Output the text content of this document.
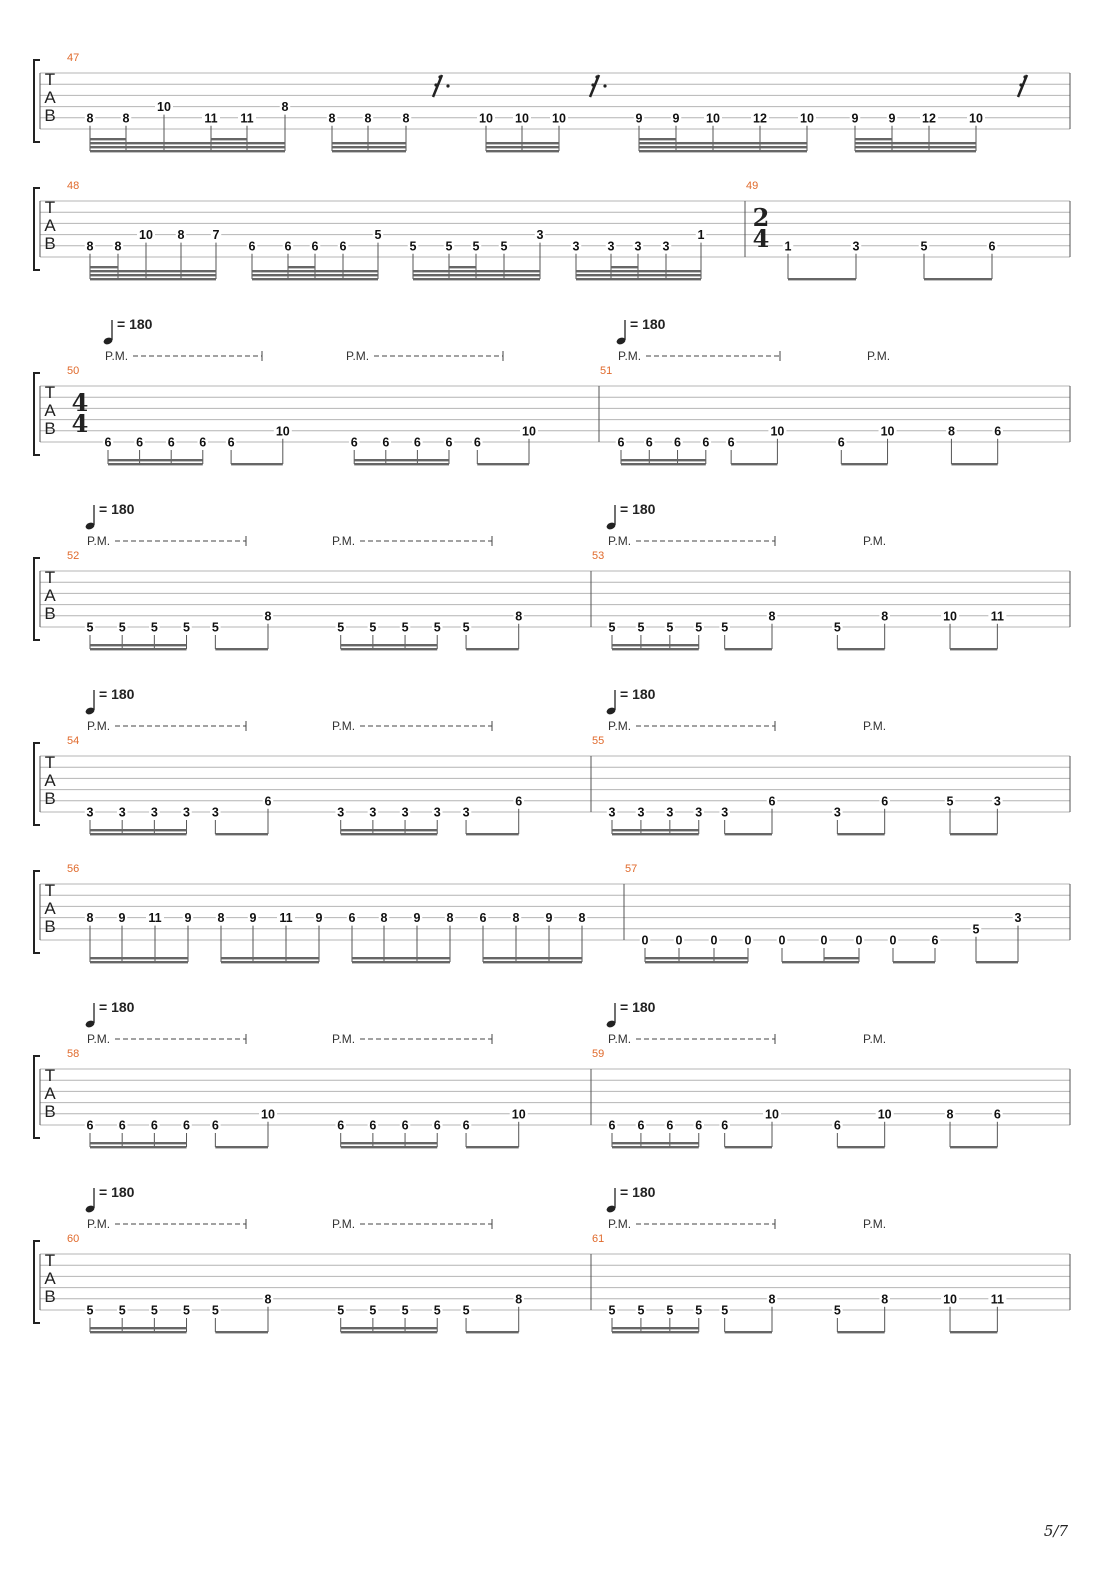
T
A
B
47
8 8
10
11 11
8
8 8 8	10 10 10	9 9 10	12	10	9 9 12	10
T
A
B
48
8 8
10 8 7
6 6 6 6
5
5 5 5 5
3
3 3 3 3
1
49
2
4 1	3	5	6
T
A
B
= 180
P.M.	P.M.
= 180
P.M.	P.M.
50
4
4
6 6 6 6 6
10
6 6 6 6 6
10
51
6 6 6 6 6
10
6
10	8	6
T
A
B
= 180
P.M.	P.M.
= 180
P.M.	P.M.
52
5 5 5 5 5
8
5 5 5 5 5
8
53
5 5 5 5 5
8
5
8	10	11
T
A
B
= 180
P.M.	P.M.
= 180
P.M.	P.M.
54
3 3 3 3 3
6
3 3 3 3 3
6
55
3 3 3 3 3
6
3
6	5	3
T
A
B
56
8 9 11 9 8 9 11 9 6 8 9 8 6 8 9 8
57
0 0 0 0 0	0 0 0	6
5
3
T
A
B
= 180
P.M.	P.M.
= 180
P.M.	P.M.
58
6 6 6 6 6
10
6 6 6 6 6
10
59
6 6 6 6 6
10
6
10	8	6
T
A
B
= 180
P.M.	P.M.
= 180
P.M.	P.M.
60
5 5 5 5 5
8
5 5 5 5 5
8
61
5 5 5 5 5
8
5
8	10	11
5/7
